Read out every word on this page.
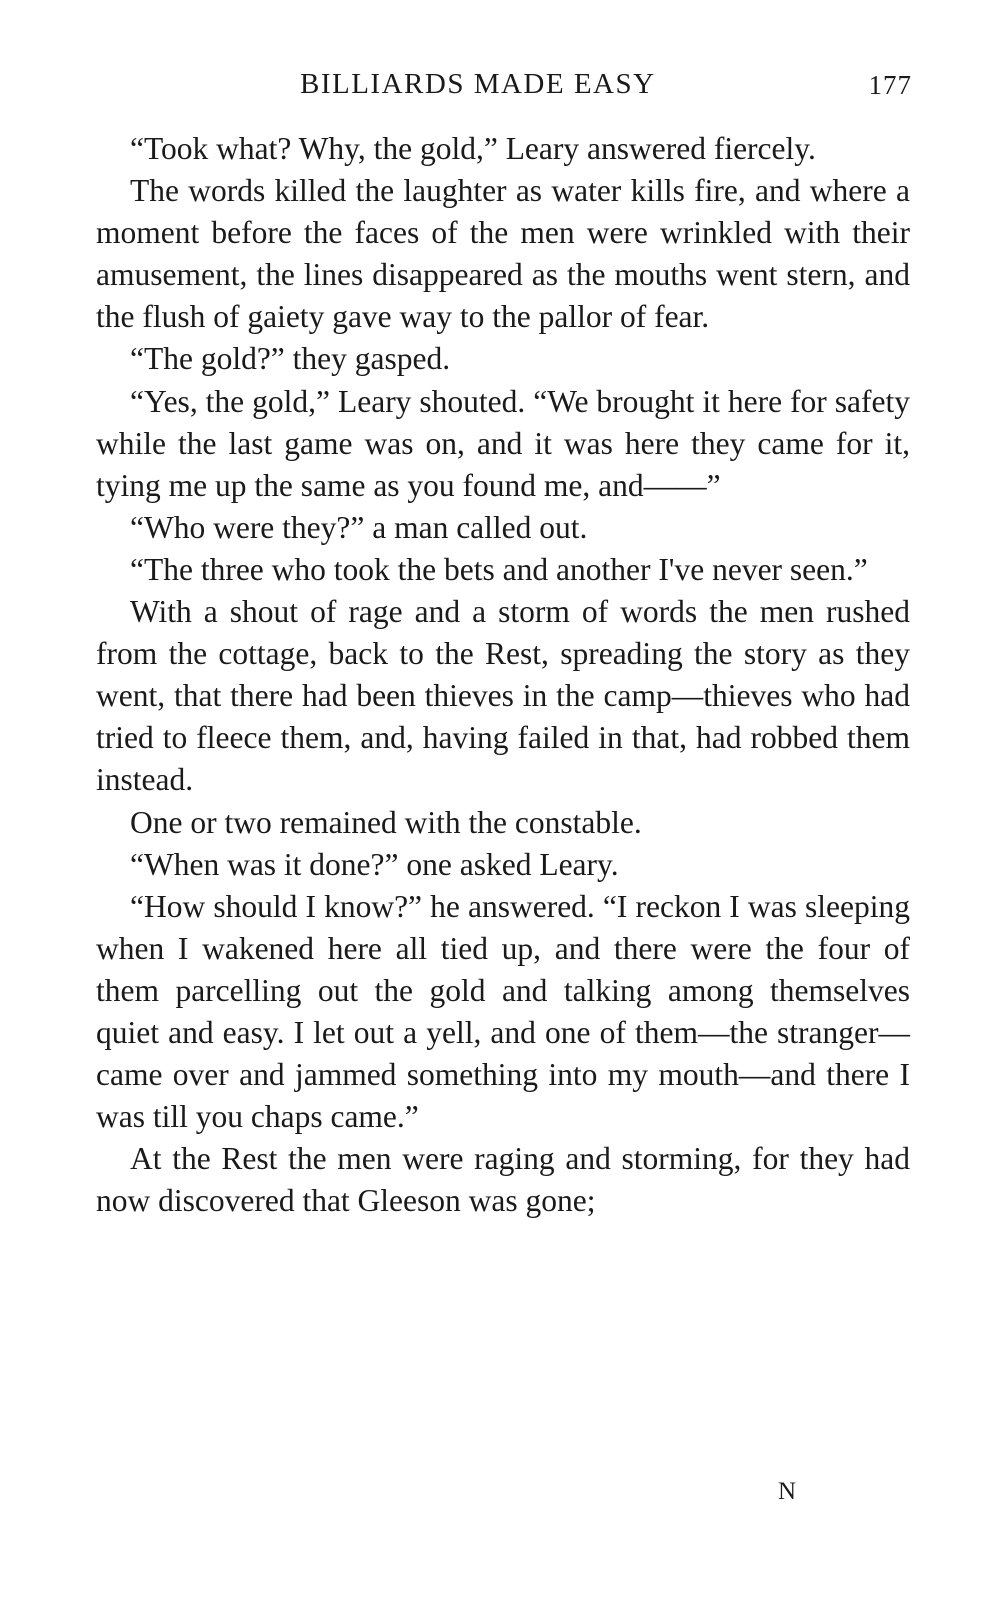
BILLIARDS MADE EASY	177

“Took what? Why, the gold,” Leary answered fiercely.

The words killed the laughter as water kills fire, and where a moment before the faces of the men were wrinkled with their amusement, the lines disappeared as the mouths went stern, and the flush of gaiety gave way to the pallor of fear.

“The gold?” they gasped.

“Yes, the gold,” Leary shouted. “We brought it here for safety while the last game was on, and it was here they came for it, tying me up the same as you found me, and——”

“Who were they?” a man called out.

“The three who took the bets and another I've never seen.”

With a shout of rage and a storm of words the men rushed from the cottage, back to the Rest, spreading the story as they went, that there had been thieves in the camp—thieves who had tried to fleece them, and, having failed in that, had robbed them instead.

One or two remained with the constable.

“When was it done?” one asked Leary.

“How should I know?” he answered. “I reckon I was sleeping when I wakened here all tied up, and there were the four of them parcelling out the gold and talking among themselves quiet and easy. I let out a yell, and one of them—the stranger—came over and jammed something into my mouth—and there I was till you chaps came.”

At the Rest the men were raging and storming, for they had now discovered that Gleeson was gone;

N
